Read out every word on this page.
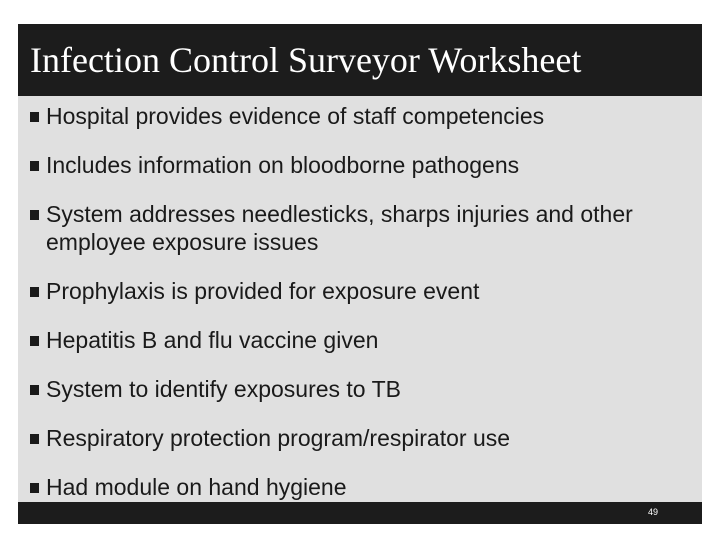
Infection Control Surveyor Worksheet
Hospital provides evidence of staff competencies
Includes information on bloodborne pathogens
System addresses needlesticks, sharps injuries and other employee exposure issues
Prophylaxis is provided for exposure event
Hepatitis B and flu vaccine given
System to identify exposures to TB
Respiratory protection program/respirator use
Had module on hand hygiene
49
